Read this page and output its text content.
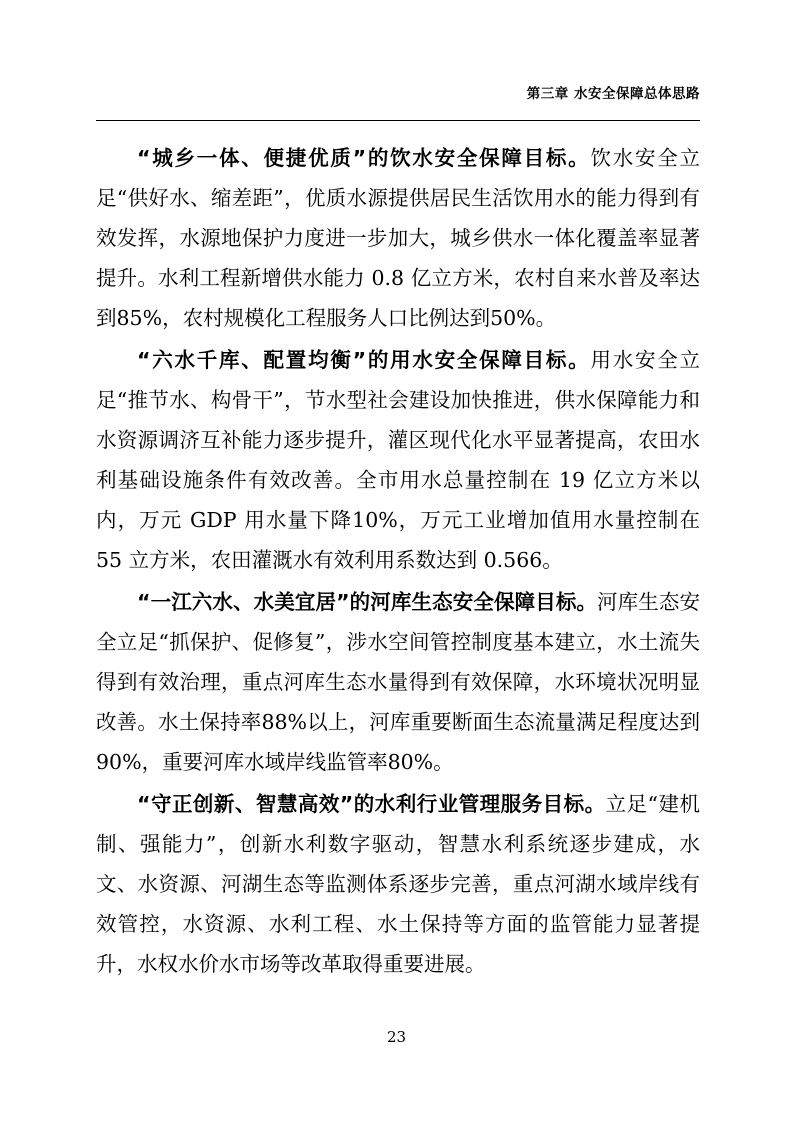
第三章 水安全保障总体思路

“城乡一体、便捷优质”的饮水安全保障目标。饮水安全立足“供好水、缩差距”，优质水源提供居民生活饮用水的能力得到有效发挥，水源地保护力度进一步加大，城乡供水一体化覆盖率显著提升。水利工程新增供水能力 0.8 亿立方米，农村自来水普及率达到85%，农村规模化工程服务人口比例达到50%。

“六水千库、配置均衡”的用水安全保障目标。用水安全立足“推节水、构骨干”，节水型社会建设加快推进，供水保障能力和水资源调济互补能力逐步提升，灌区现代化水平显著提高，农田水利基础设施条件有效改善。全市用水总量控制在 19 亿立方米以内，万元 GDP 用水量下降10%，万元工业增加值用水量控制在 55 立方米，农田灌溉水有效利用系数达到 0.566。

“一江六水、水美宜居”的河库生态安全保障目标。河库生态安全立足“抓保护、促修复”，涉水空间管控制度基本建立，水土流失得到有效治理，重点河库生态水量得到有效保障，水环境状况明显改善。水土保持率88%以上，河库重要断面生态流量满足程度达到90%，重要河库水域岸线监管率80%。

“守正创新、智慧高效”的水利行业管理服务目标。立足“建机制、强能力”，创新水利数字驱动，智慧水利系统逐步建成，水文、水资源、河湖生态等监测体系逐步完善，重点河湖水域岸线有效管控，水资源、水利工程、水土保持等方面的监管能力显著提升，水权水价水市场等改革取得重要进展。

23
